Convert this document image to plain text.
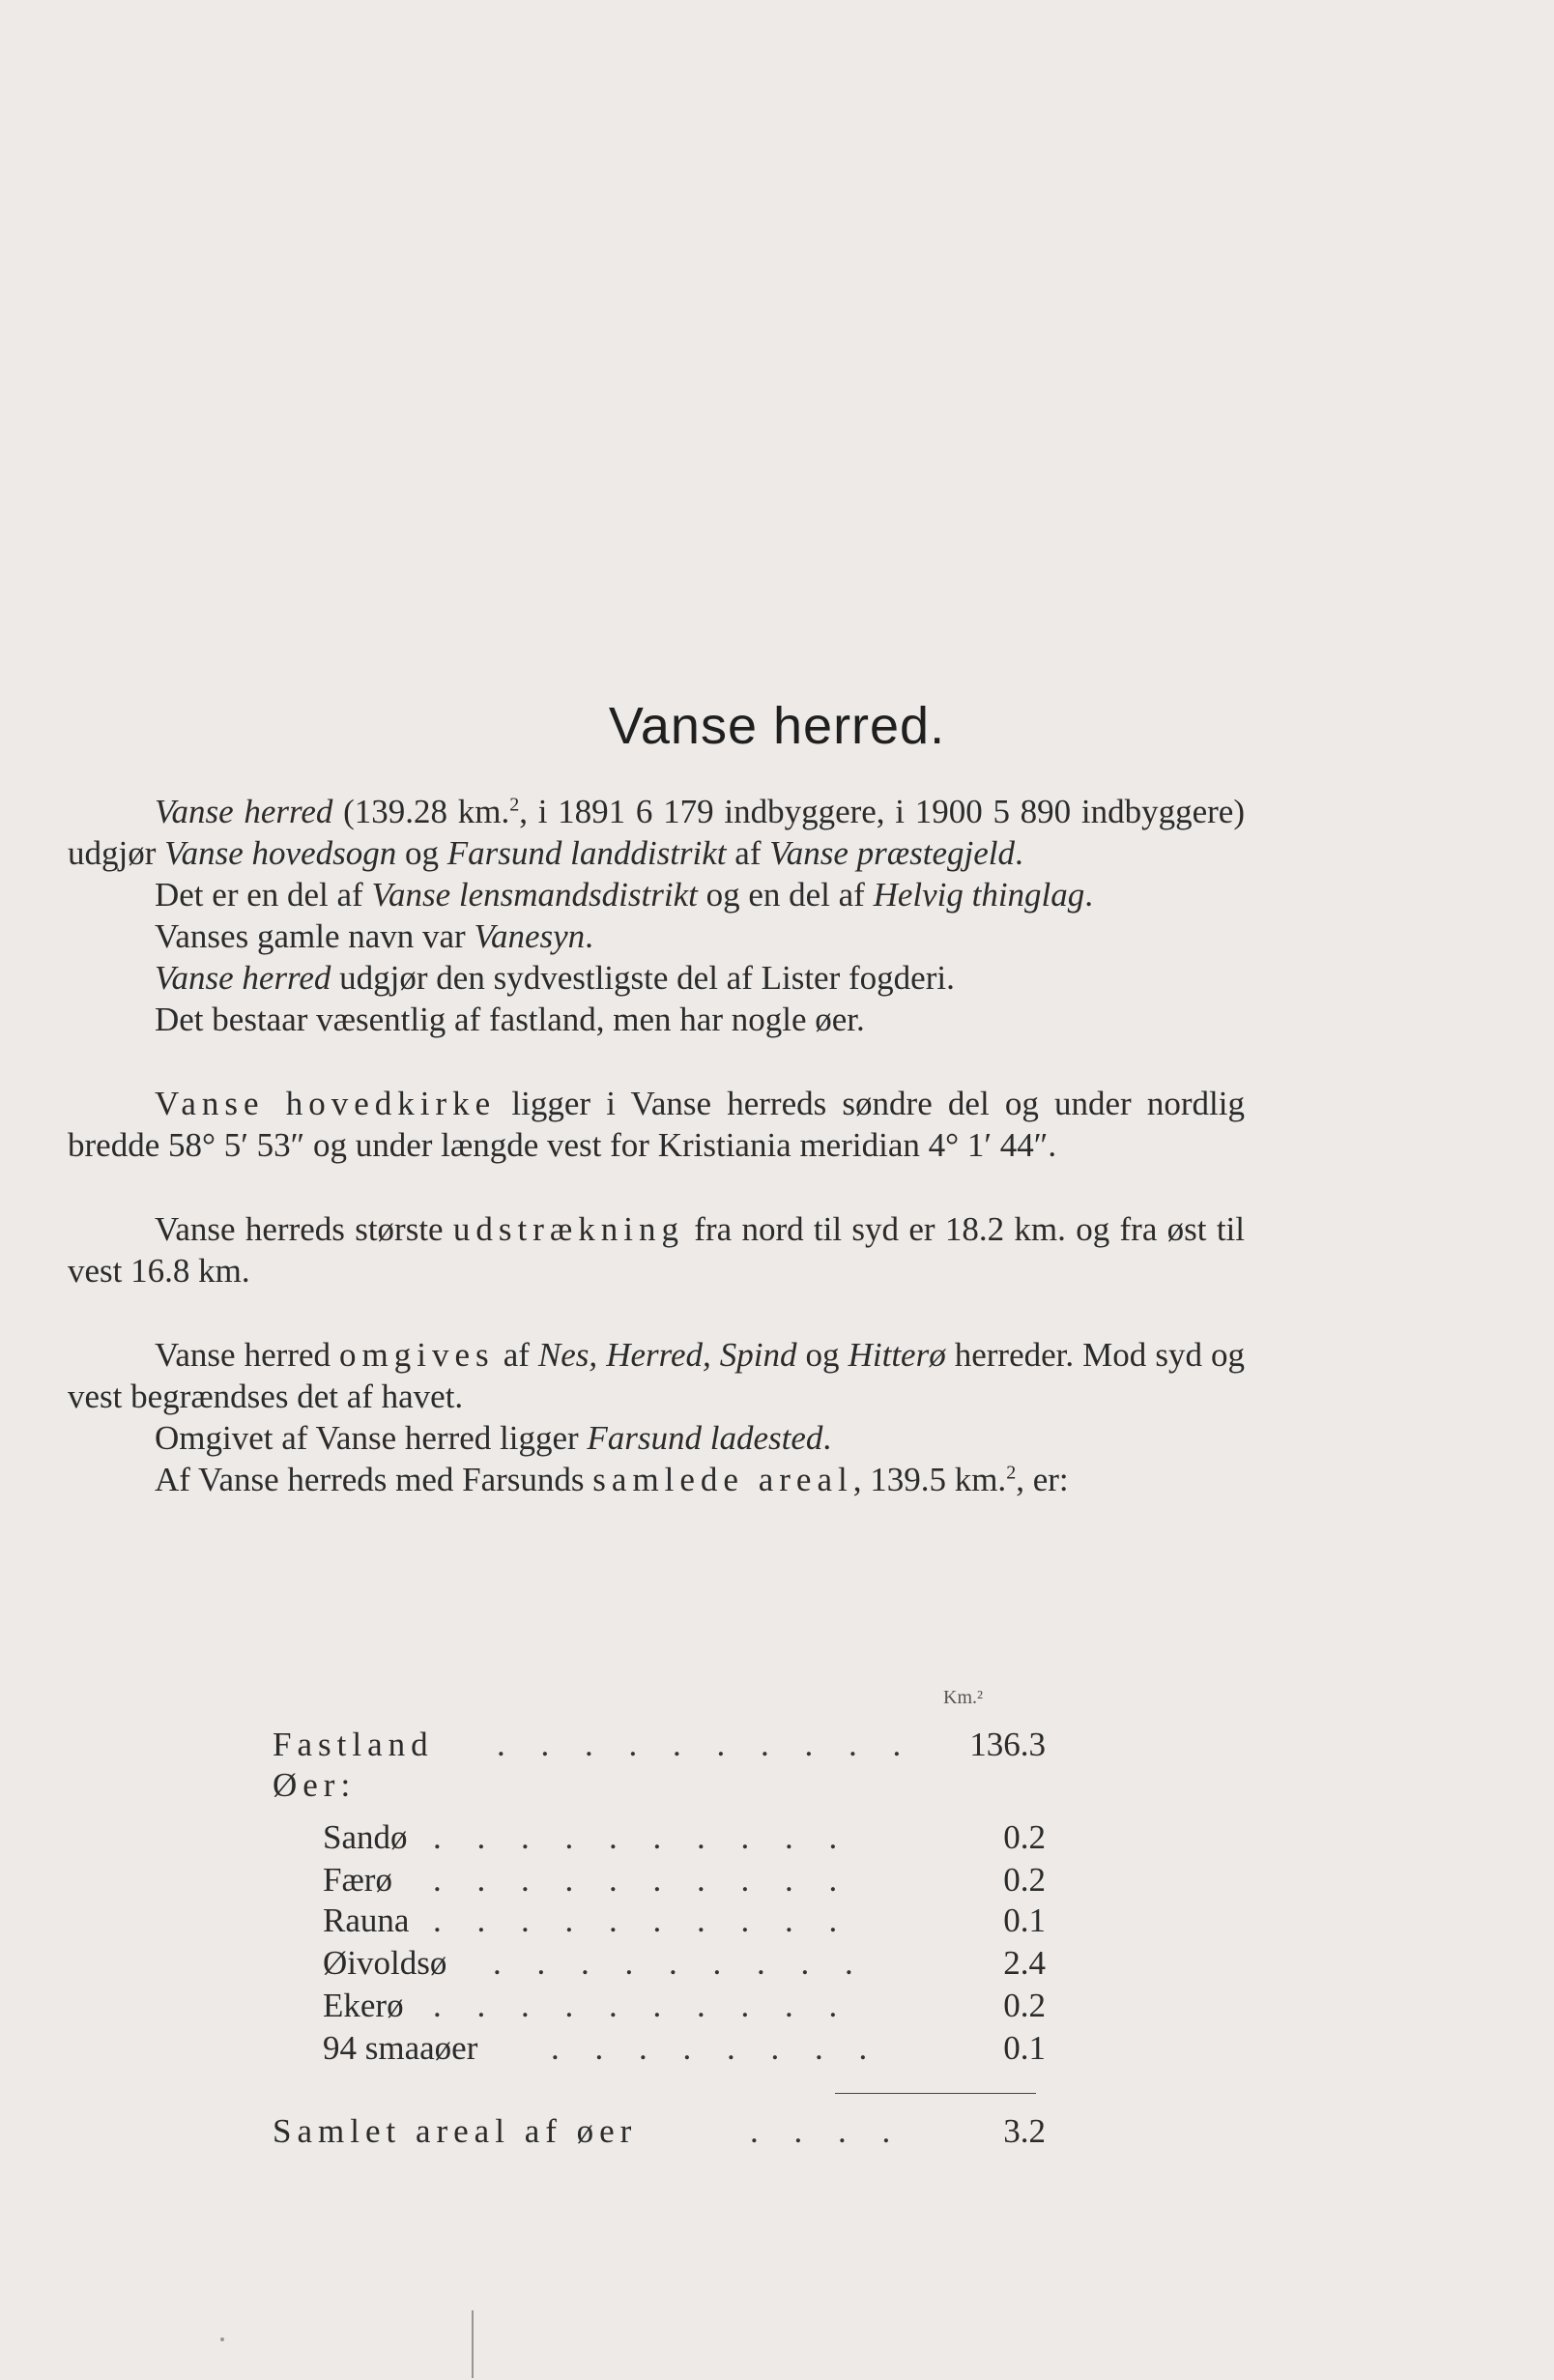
Vanse herred.

Vanse herred (139.28 km.$^2$, i 1891 6 179 indbyggere, i 1900 5 890 indbyggere) udgjør Vanse hovedsogn og Farsund landdistrikt af Vanse præstegjeld.

Det er en del af Vanse lensmandsdistrikt og en del af Helvig thinglag.

Vanses gamle navn var Vanesyn.

Vanse herred udgjør den sydvestligste del af Lister fogderi.

Det bestaar væsentlig af fastland, men har nogle øer.

Vanse hovedkirke ligger i Vanse herreds søndre del og under nordlig bredde 58° 5′ 53″ og under længde vest for Kristiania meridian 4° 1′ 44″.

Vanse herreds største udstrækning fra nord til syd er 18.2 km. og fra øst til vest 16.8 km.

Vanse herred omgives af Nes, Herred, Spind og Hitterø herreder. Mod syd og vest begrændses det af havet.

Omgivet af Vanse herred ligger Farsund ladested.

Af Vanse herreds med Farsunds samlede areal, 139.5 km.$^2$, er:

Km.²
Fastland . . . . . . . . . .	136.3
Øer:
Sandø . . . . . . . . . .	0.2
Færø . . . . . . . . . .	0.2
Rauna . . . . . . . . . .	0.1
Øivoldsø . . . . . . . . .	2.4
Ekerø . . . . . . . . . .	0.2
94 smaaøer . . . . . . . .	0.1
Samlet areal af øer	. . . .	3.2
